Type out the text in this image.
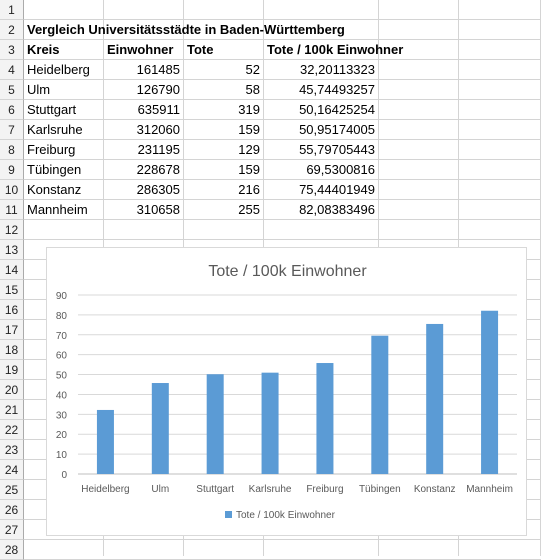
1
2
3
4
5
6
7
8
9
10
11
12
13
14
15
16
17
18
19
20
21
22
23
24
25
26
27
28
Vergleich Universitätsstädte in Baden-Württemberg
Kreis	Einwohner	Tote	Tote / 100k Einwohner
Heidelberg	161485	52	32,20113323
Ulm	126790	58	45,74493257
Stuttgart	635911	319	50,16425254
Karlsruhe	312060	159	50,95174005
Freiburg	231195	129	55,79705443
Tübingen	228678	159	69,5300816
Konstanz	286305	216	75,44401949
Mannheim	310658	255	82,08383496
Tote / 100k Einwohner
0
10
20
30
40
50
60
70
80
90
Heidelberg Ulm	Stuttgart Karlsruhe Freiburg Tübingen Konstanz Mannheim
Tote / 100k Einwohner
